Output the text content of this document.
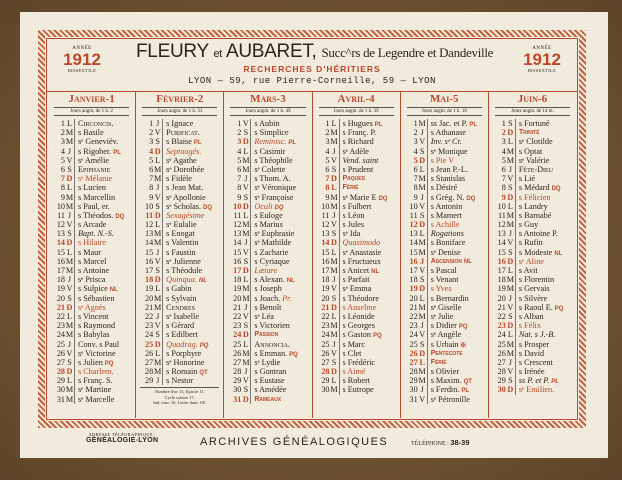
ANNÉE
1912
BISSEXTILE
FLEURY et AUBARET, Succ^rs de Legendre et Dandeville
RECHERCHES D'HÉRITIERS
LYON — 59, rue Pierre-Corneille, 59 — LYON
ANNÉE
1912
BISSEXTILE
Janvier-1
Jours augm. de 1 h. 2
1 L Circoncis.
2 M s Basile
3 M sᵉ Geneviév.
4 J s Rigober. PL
5 V sᵉ Amélie
6 S Epiphanie
7 D sᵉ Mélanie
8 L s Lucien
9 M s Marcellin
10 M s Paul, er.
11 J s Théodos. DQ
12 V s Arcade
13 S Bapt. N.-S.
14 D s Hilaire
15 L s Maur
16 M s Marcel
17 M s Antoine
18 J sᵉ Prisca
19 V s Sulpice NL
20 S s Sébastien
21 D sᵉ Agnès
22 L s Vincent
23 M s Raymond
24 M s Babylas
25 J Conv. s Paul
26 V sᵉ Victorine
27 S s Julien PQ
28 D s Charlem.
29 L s Franç. S.
30 M sᵉ Martine
31 M sᵉ Marcelle
Février-2
Jours augm. de 1 h. 33
1 J s Ignace
2 V Purificat.
3 S s Blaise PL
4 D Septuagés.
5 L sᵉ Agathe
6 M sᵉ Dorothée
7 M s Fidèle
8 J s Jean Mat.
9 V sᵉ Apollonie
10 S sᵉ Scholas. DQ
11 D Sexagésime
12 L sᵉ Eulalie
13 M s Enogat
14 M s Valentin
15 J s Faustin
16 V sᵉ Julienne
17 S s Théodule
18 D Quinqua. NL
19 L s Gabin
20 M s Sylvain
21 M Cendres
22 J sᵉ Isabelle
23 V s Gérard
24 S s Edilbert
25 D Quadrag. PQ
26 L s Porphyre
27 M sᵉ Honorine
28 M s Romain QT
29 J s Nestor
Nombre d'or 13, Epacte 11.
Cycle solaire 17.
Ind. rom. 10, Lettre dom. GF.
Mars-3
Jours augm. de 1 h. 49
1 V s Aubin
2 S s Simplice
3 D Reminisc. PL
4 L s Casimir
5 M s Théophile
6 M sᵉ Colette
7 J s Thom. A.
8 V sᵉ Véronique
9 S sᵉ Françoise
10 D Oculi DQ
11 L s Euloge
12 M s Marius
13 M sᵉ Euphrasie
14 J sᵉ Mathilde
15 V s Zacharie
16 S s Cyriaque
17 D Lætare
18 L s Alexan. NL
19 M s Joseph
20 M s Joach. Pr.
21 J s Benoît
22 V sᵉ Léa
23 S s Victorien
24 D Passion
25 L Annoncia.
26 M s Emman. PQ
27 M sᵉ Lydie
28 J s Gontran
29 V s Eustase
30 S s Amédée
31 D Rameaux
Avril-4
Jours augm. de 1 h. 39
1 L s Hugues PL
2 M s Franç. P.
3 M s Richard
4 J sᵉ Adèle
5 V Vend. saint
6 S s Prudent
7 D Paques
8 L Férié
9 M sᵉ Marie E DQ
10 M s Fulbert
11 J s Léon
12 V s Jules
13 S sᵉ Ida
14 D Quasimodo
15 L sᵉ Anastasie
16 M s Fructueux
17 M s Anicet NL
18 J s Parfait
19 V sᵉ Emma
20 S s Théodore
21 D s Anselme
22 L s Léonide
23 M s Georges
24 M s Gaston PQ
25 J s Marc
26 V s Clet
27 S s Frédéric
28 D s Aimé
29 L s Robert
30 M s Eutrope
Mai-5
Jours augm. de 1 h. 16
1 M ss Jac. et P. PL
2 J s Athanase
3 V Inv. sᵉ Cr.
4 S sᵉ Monique
5 D s Pie V
6 L s Jean P.-L.
7 M s Stanislas
8 M s Désiré
9 J s Grég. N. DQ
10 V s Antonin
11 S s Mamert
12 D s Achille
13 L Rogations
14 M s Boniface
15 M sᵉ Denise
16 J Ascension NL
17 V s Pascal
18 S s Venant
19 D s Yves
20 L s Bernardin
21 M sᵉ Giselle
22 M sᵉ Julie
23 J s Didier PQ
24 V sᵉ Angèle
25 S s Urbain ✠
26 D Pentecote
27 L Férié
28 M s Olivier
29 M s Maxim. QT
30 J s Ferdin. PL
31 V sᵉ Pétronille
Juin-6
Jours augm. de 14 m.
1 S s Fortuné
2 D Trinité
3 L sᵉ Clotilde
4 M s Optat
5 M sᵉ Valérie
6 J Fête-Dieu
7 V s Lié
8 S s Médard DQ
9 D s Félicien
10 L s Landry
11 M s Barnabé
12 M s Guy
13 J s Antoine P.
14 V s Rufin
15 S s Modeste NL
16 D sᵉ Aline
17 L s Avit
18 M s Florentin
19 M s Gervais
20 J s Silvère
21 V s Raoul E. PQ
22 S s Alban
23 D s Félix
24 L Nat. s J.-B.
25 M s Prosper
26 M s David
27 J s Crescent
28 V s Irénée
29 S ss P. et P. PL
30 D sᵉ Emilien.
ADRESSE TÉLÉGRAPHIQUE :
GÉNÉALOGIE-LYON	ARCHIVES GÉNÉALOGIQUES	TÉLÉPHONE : 38-39
